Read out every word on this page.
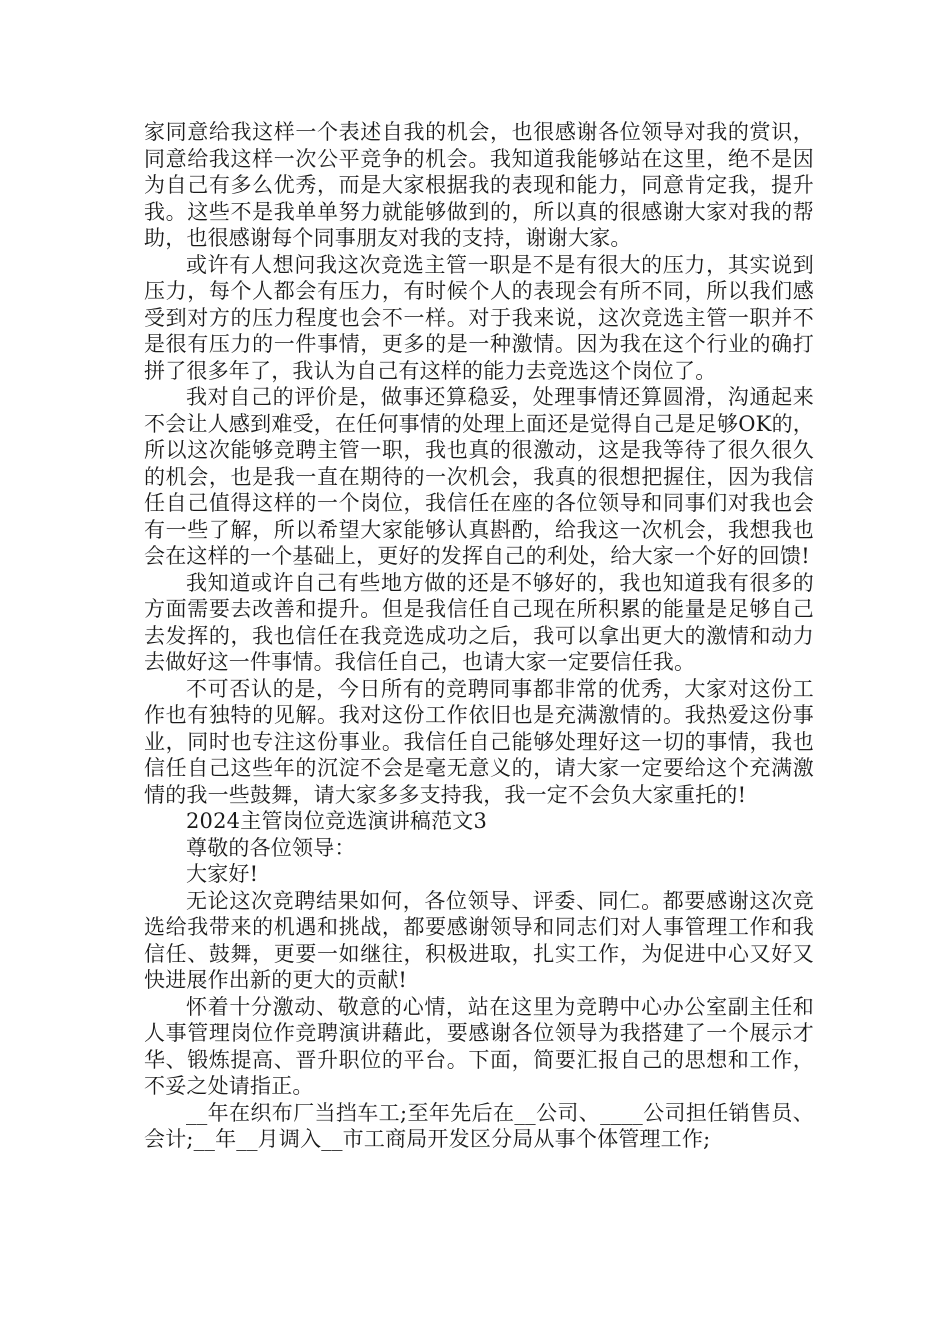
家同意给我这样一个表述自我的机会，也很感谢各位领导对我的赏识，同意给我这样一次公平竞争的机会。我知道我能够站在这里，绝不是因为自己有多么优秀，而是大家根据我的表现和能力，同意肯定我，提升我。这些不是我单单努力就能够做到的，所以真的很感谢大家对我的帮助，也很感谢每个同事朋友对我的支持，谢谢大家。

或许有人想问我这次竞选主管一职是不是有很大的压力，其实说到压力，每个人都会有压力，有时候个人的表现会有所不同，所以我们感受到对方的压力程度也会不一样。对于我来说，这次竞选主管一职并不是很有压力的一件事情，更多的是一种激情。因为我在这个行业的确打拼了很多年了，我认为自己有这样的能力去竞选这个岗位了。

我对自己的评价是，做事还算稳妥，处理事情还算圆滑，沟通起来不会让人感到难受，在任何事情的处理上面还是觉得自己是足够OK的，所以这次能够竞聘主管一职，我也真的很激动，这是我等待了很久很久的机会，也是我一直在期待的一次机会，我真的很想把握住，因为我信任自己值得这样的一个岗位，我信任在座的各位领导和同事们对我也会有一些了解，所以希望大家能够认真斟酌，给我这一次机会，我想我也会在这样的一个基础上，更好的发挥自己的利处，给大家一个好的回馈!

我知道或许自己有些地方做的还是不够好的，我也知道我有很多的方面需要去改善和提升。但是我信任自己现在所积累的能量是足够自己去发挥的，我也信任在我竞选成功之后，我可以拿出更大的激情和动力去做好这一件事情。我信任自己，也请大家一定要信任我。

不可否认的是，今日所有的竞聘同事都非常的优秀，大家对这份工作也有独特的见解。我对这份工作依旧也是充满激情的。我热爱这份事业，同时也专注这份事业。我信任自己能够处理好这一切的事情，我也信任自己这些年的沉淀不会是毫无意义的，请大家一定要给这个充满激情的我一些鼓舞，请大家多多支持我，我一定不会负大家重托的!

2024主管岗位竞选演讲稿范文3

尊敬的各位领导：

大家好!

无论这次竞聘结果如何，各位领导、评委、同仁。都要感谢这次竞选给我带来的机遇和挑战，都要感谢领导和同志们对人事管理工作和我信任、鼓舞，更要一如继往，积极进取，扎实工作，为促进中心又好又快进展作出新的更大的贡献!

怀着十分激动、敬意的心情，站在这里为竞聘中心办公室副主任和人事管理岗位作竞聘演讲藉此，要感谢各位领导为我搭建了一个展示才华、锻炼提高、晋升职位的平台。下面，简要汇报自己的思想和工作，不妥之处请指正。

__年在织布厂当挡车工;至年先后在__公司、____公司担任销售员、会计;__年__月调入__市工商局开发区分局从事个体管理工作;
